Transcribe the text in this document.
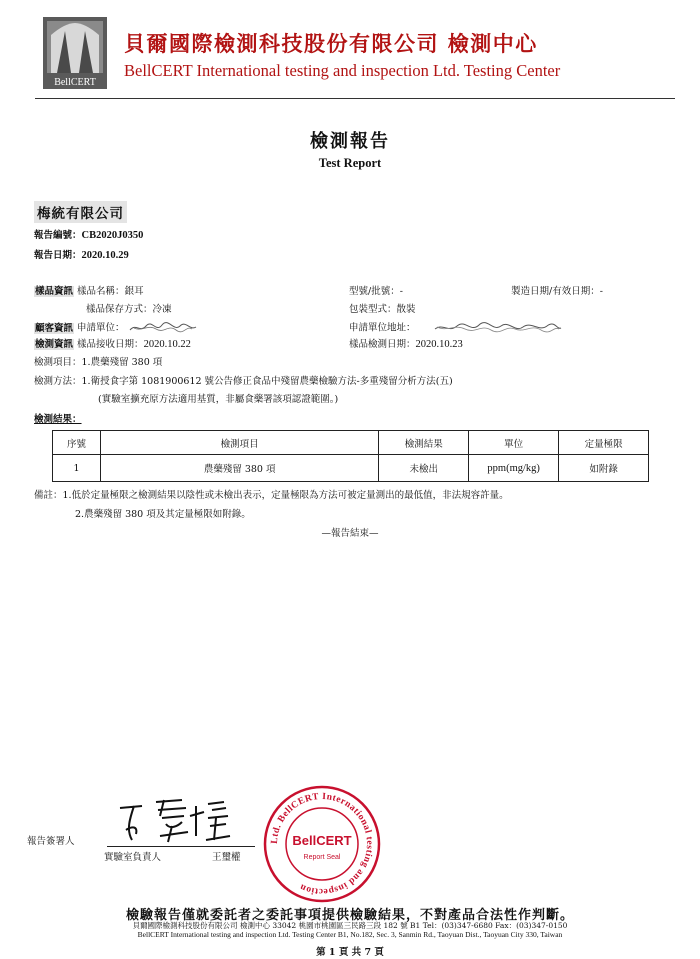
BellCERT
貝爾國際檢測科技股份有限公司 檢測中心
BellCERT International testing and inspection Ltd. Testing Center
檢測報告
Test Report
梅統有限公司
報告編號：CB2020J0350
報告日期：2020.10.29
樣品資訊 樣品名稱：銀耳	型號/批號：-	製造日期/有效日期：-
樣品保存方式：冷凍	包裝型式：散裝
顧客資訊 申請單位：	申請單位地址：
檢測資訊 樣品接收日期：2020.10.22	樣品檢測日期：2020.10.23
檢測項目：1.農藥殘留 380 項
檢測方法：1.衛授食字第 1081900612 號公告修正食品中殘留農藥檢驗方法-多重殘留分析方法(五)
(實驗室擴充原方法適用基質，非屬食藥署該項認證範圍。)
檢測結果：
序號	檢測項目	檢測結果	單位	定量極限
1	農藥殘留 380 項	未檢出	ppm(mg/kg)	如附錄
備註：1.低於定量極限之檢測結果以陰性或未檢出表示，定量極限為方法可被定量測出的最低值，非法規容許量。
2.農藥殘留 380 項及其定量極限如附錄。
—報告結束—
報告簽署人
實驗室負責人	王璽權
Ltd. BellCERT International testing and inspection
BellCERT
Report Seal
檢驗報告僅就委託者之委託事項提供檢驗結果，不對產品合法性作判斷。
貝爾國際檢測科技股份有限公司 檢測中心 33042 桃園市桃園區三民路三段 182 號 B1 Tel：(03)347-6680 Fax：(03)347-0150
BellCERT International testing and inspection Ltd. Testing Center B1, No.182, Sec. 3, Sanmin Rd., Taoyuan Dist., Taoyuan City 330, Taiwan
第 1 頁 共 7 頁
